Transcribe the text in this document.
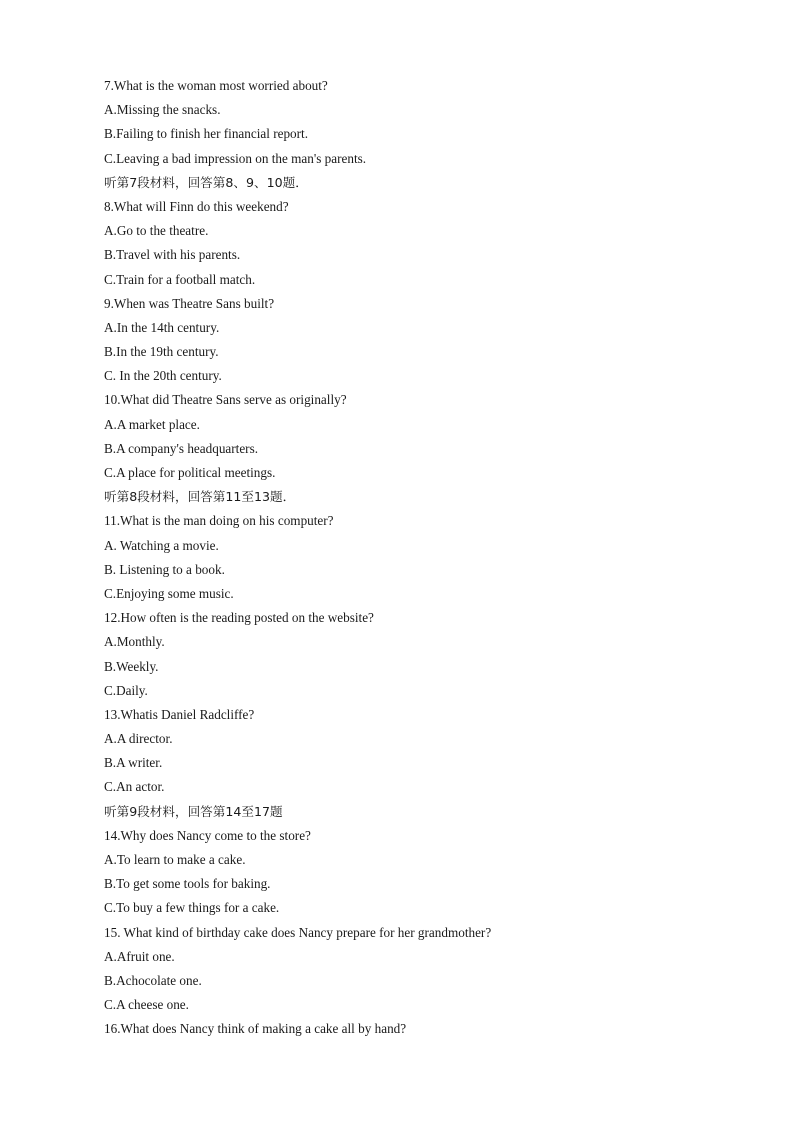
7.What is the woman most worried about?
A.Missing the snacks.
B.Failing to finish her financial report.
C.Leaving a bad impression on the man's parents.
听第7段材料，回答第8、9、10题．
8.What will Finn do this weekend?
A.Go to the theatre.
B.Travel with his parents.
C.Train for a football match.
9.When was Theatre Sans built?
A.In the 14th century.
B.In the 19th century.
C. In the 20th century.
10.What did Theatre Sans serve as originally?
A.A market place.
B.A company's headquarters.
C.A place for political meetings.
听第8段材料，回答第11至13题．
11.What is the man doing on his computer?
A. Watching a movie.
B. Listening to a book.
C.Enjoying some music.
12.How often is the reading posted on the website?
A.Monthly.
B.Weekly.
C.Daily.
13.Whatis Daniel Radcliffe?
A.A director.
B.A writer.
C.An actor.
听第9段材料，回答第14至17题
14.Why does Nancy come to the store?
A.To learn to make a cake.
B.To get some tools for baking.
C.To buy a few things for a cake.
15. What kind of birthday cake does Nancy prepare for her grandmother?
A.Afruit one.
B.Achocolate one.
C.A cheese one.
16.What does Nancy think of making a cake all by hand?
